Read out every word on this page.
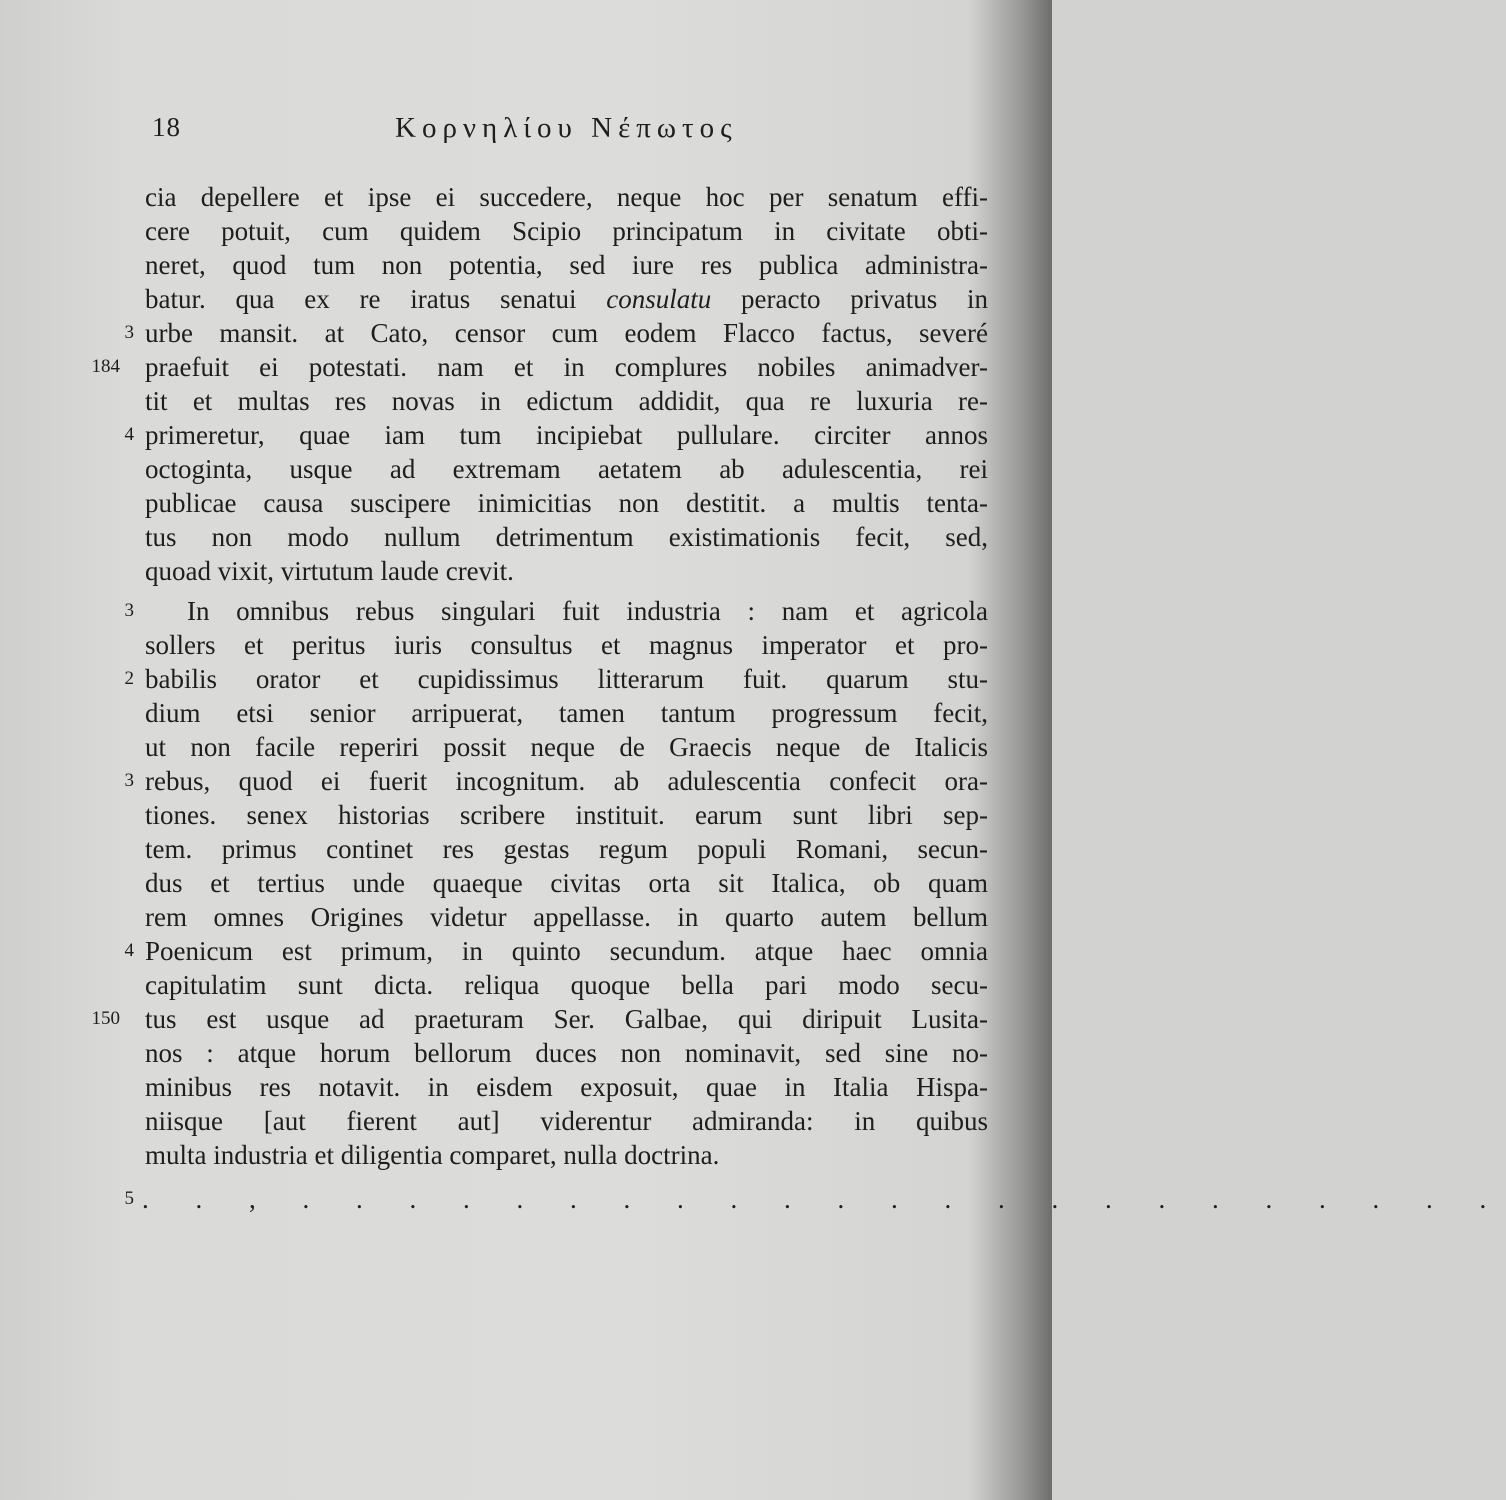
18	Κορνηλίου Νέπωτος
cia depellere et ipse ei succedere, neque hoc per senatum effi-
cere potuit, cum quidem Scipio principatum in civitate obti-
neret, quod tum non potentia, sed iure res publica administra-
batur. qua ex re iratus senatui consulatu peracto privatus in
urbe mansit. at Cato, censor cum eodem Flacco factus, severé
praefuit ei potestati. nam et in complures nobiles animadver-
tit et multas res novas in edictum addidit, qua re luxuria re-
primeretur, quae iam tum incipiebat pullulare. circiter annos
octoginta, usque ad extremam aetatem ab adulescentia, rei
publicae causa suscipere inimicitias non destitit. a multis tenta-
tus non modo nullum detrimentum existimationis fecit, sed,
quoad vixit, virtutum laude crevit.
In omnibus rebus singulari fuit industria : nam et agricola
sollers et peritus iuris consultus et magnus imperator et pro-
babilis orator et cupidissimus litterarum fuit. quarum stu-
dium etsi senior arripuerat, tamen tantum progressum fecit,
ut non facile reperiri possit neque de Graecis neque de Italicis
rebus, quod ei fuerit incognitum. ab adulescentia confecit ora-
tiones. senex historias scribere instituit. earum sunt libri sep-
tem. primus continet res gestas regum populi Romani, secun-
dus et tertius unde quaeque civitas orta sit Italica, ob quam
rem omnes Origines videtur appellasse. in quarto autem bellum
Poenicum est primum, in quinto secundum. atque haec omnia
capitulatim sunt dicta. reliqua quoque bella pari modo secu-
tus est usque ad praeturam Ser. Galbae, qui diripuit Lusita-
nos : atque horum bellorum duces non nominavit, sed sine no-
minibus res notavit. in eisdem exposuit, quae in Italia Hispa-
niisque [aut fierent aut] viderentur admiranda: in quibus
multa industria et diligentia comparet, nulla doctrina.
. . , . . . . . . . . . . . . . . . . . . . . . . .
3
184
4
3
2
3
4
150
5
